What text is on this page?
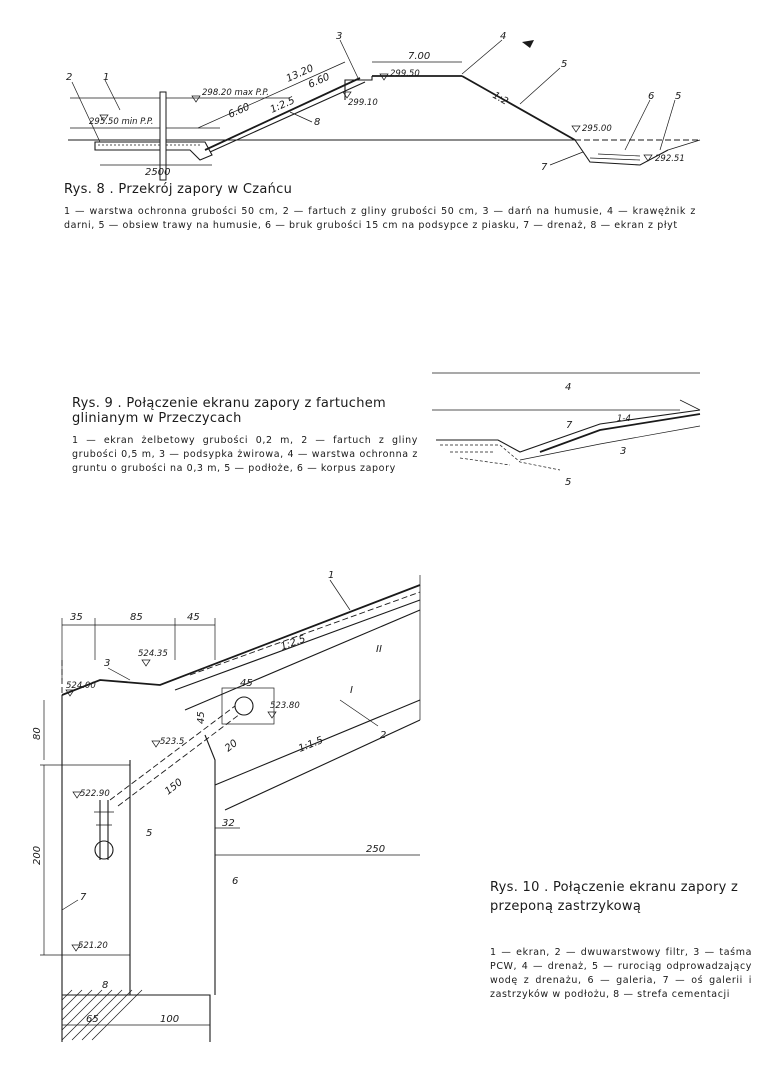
7.00
13.20
6.60
6.60 1:2.5	1:2
298.20 max P.P.
295.50 min P.P.
299.50
299.10
295.00
292.51
2500
1
2
3	4
5
5
6
7
8
Rys. 8 . Przekrój zapory w Czańcu
1 — warstwa ochronna grubości 50 cm, 2 — fartuch z gliny grubości 50 cm, 3 — darń na humusie, 4 — krawężnik z darni, 5 — obsiew trawy na humusie, 6 — bruk grubości 15 cm na podsypce z piasku, 7 — drenaż, 8 — ekran z płyt
Rys. 9 . Połączenie ekranu zapory z fartuchem glinianym w Przeczycach
1 — ekran żelbetowy grubości 0,2 m, 2 — fartuch z gliny grubości 0,5 m, 3 — podsypka żwirowa, 4 — warstwa ochronna z gruntu o grubości na 0,3 m, 5 — podłoże, 6 — korpus zapory
4
7
1-4
3
5
35	85	45
45
45
1:2.5
1:1.5
524.35
524.00
523.80
523.5
522.90
521.20
80
200
150
20
32
250
65	100
1
2
3
5
6
7
8
I
II
Rys. 10 . Połączenie ekranu zapory z przeponą zastrzykową
1 — ekran, 2 — dwuwarstwowy filtr, 3 — taśma PCW, 4 — drenaż, 5 — rurociąg odprowadzający wodę z drenażu, 6 — galeria, 7 — oś galerii i zastrzyków w podłożu, 8 — strefa cementacji
